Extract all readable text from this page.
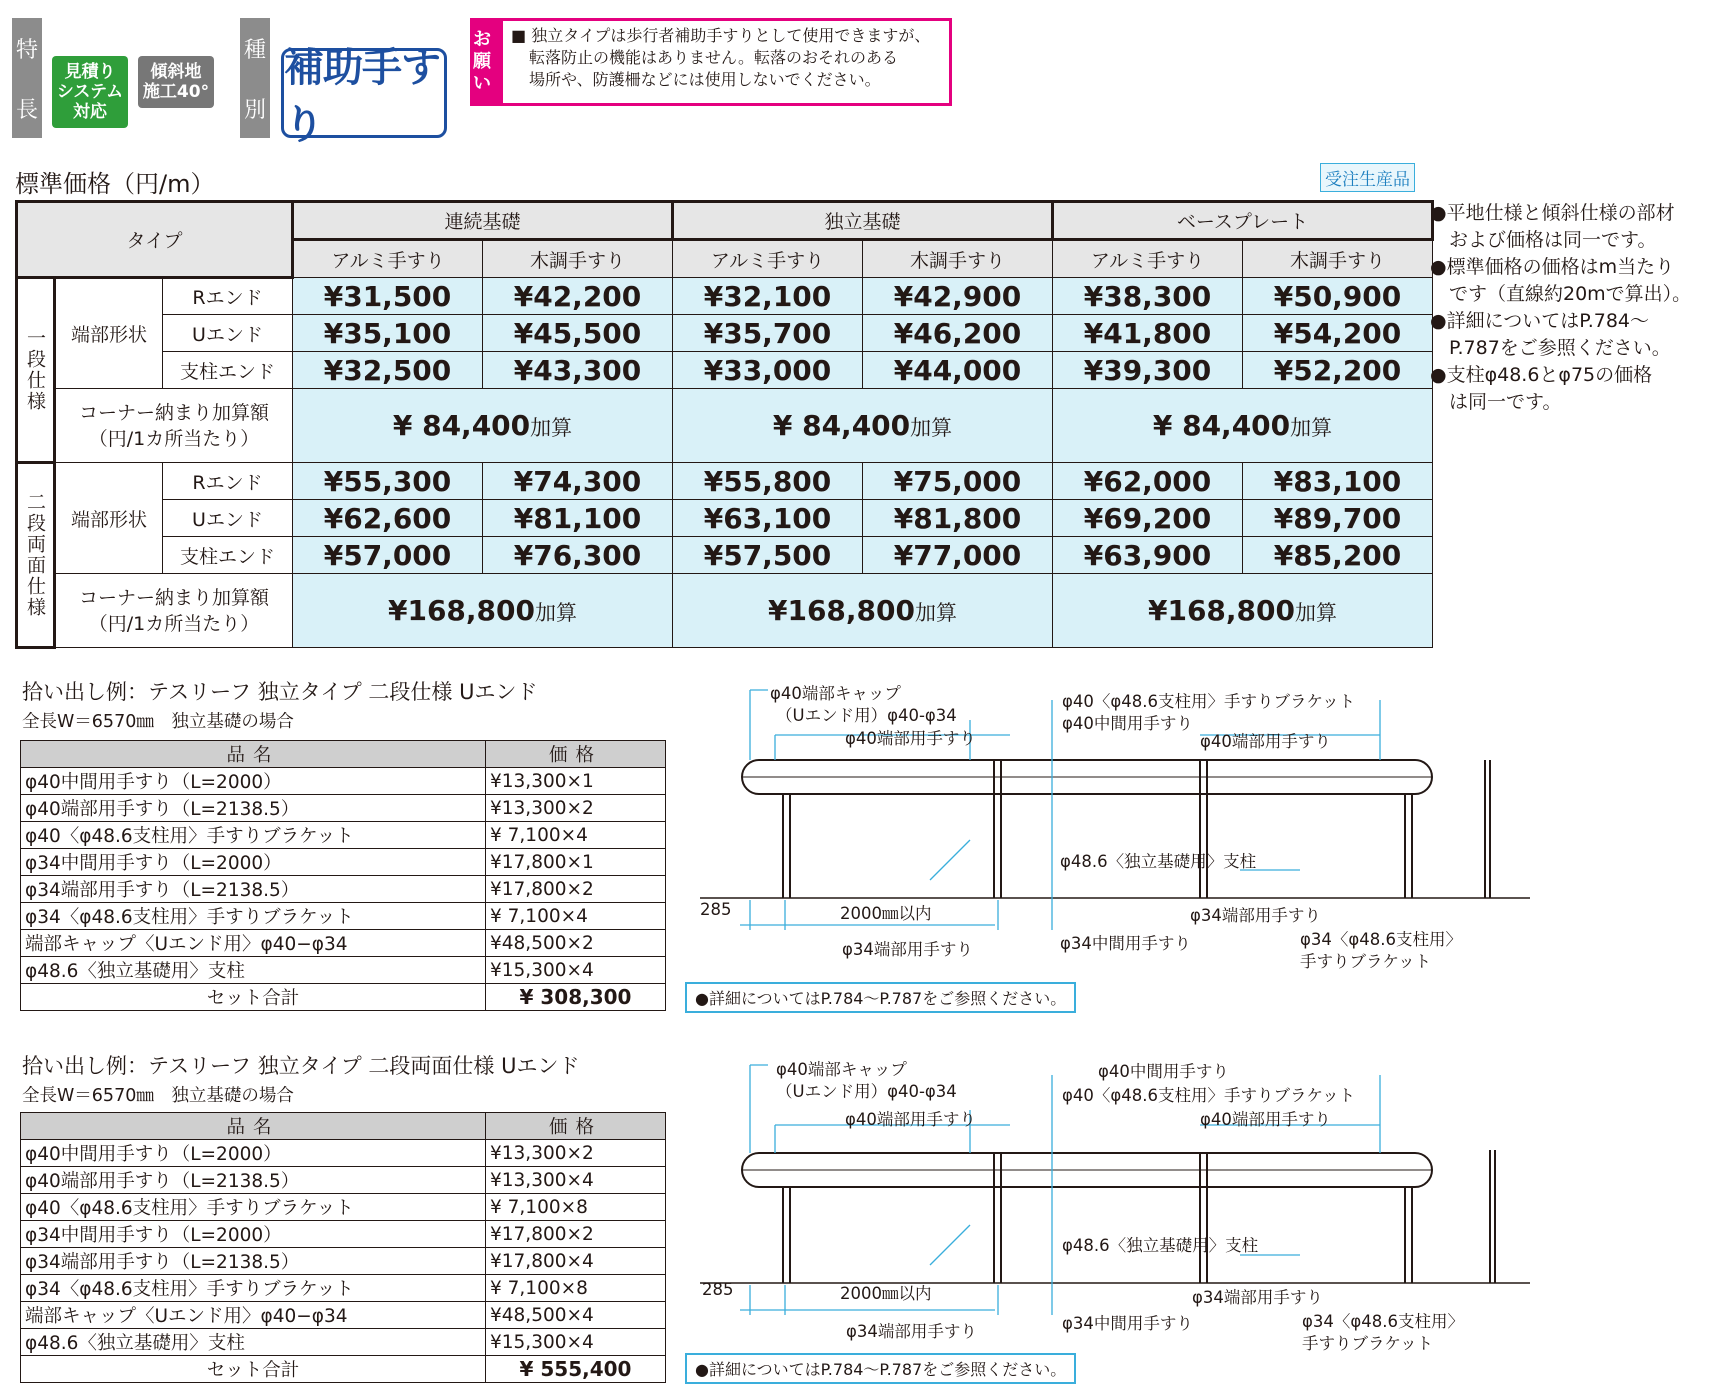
特
長
見積り システム 対応
傾斜地 施工40°
種
別
補助手すり
お願い
■ 独立タイプは歩行者補助手すりとして使用できますが、
転落防止の機能はありません。転落のおそれのある
場所や、防護柵などには使用しないでください。
標準価格（円/m）	受注生産品
タイプ			連続基礎		独立基礎		ベースプレート	
			アルミ手すり	木調手すり	アルミ手すり	木調手すり	アルミ手すり	木調手すり
一段仕様	端部形状	Rエンド	¥31,500	¥42,200	¥32,100	¥42,900	¥38,300	¥50,900
		Uエンド	¥35,100	¥45,500	¥35,700	¥46,200	¥41,800	¥54,200
		支柱エンド	¥32,500	¥43,300	¥33,000	¥44,000	¥39,300	¥52,200

	コーナー納まり加算額
（円/1カ所当たり）		¥ 84,400加算		¥ 84,400加算		¥ 84,400加算	
二段両面仕様	端部形状	Rエンド	¥55,300	¥74,300	¥55,800	¥75,000	¥62,000	¥83,100
		Uエンド	¥62,600	¥81,100	¥63,100	¥81,800	¥69,200	¥89,700
		支柱エンド	¥57,000	¥76,300	¥57,500	¥77,000	¥63,900	¥85,200

	コーナー納まり加算額
（円/1カ所当たり）		¥168,800加算		¥168,800加算		¥168,800加算	
●平地仕様と傾斜仕様の部材
　および価格は同一です。
●標準価格の価格はm当たり
　です（直線約20mで算出）。
●詳細についてはP.784～
　P.787をご参照ください。
●支柱φ48.6とφ75の価格
　は同一です。
拾い出し例：テスリーフ 独立タイプ 二段仕様 Uエンド
全長W＝6570㎜　独立基礎の場合
品名	価格
φ40中間用手すり（L=2000）	¥13,300×1
φ40端部用手すり（L=2138.5）	¥13,300×2
φ40〈φ48.6支柱用〉手すりブラケット	¥ 7,100×4
φ34中間用手すり（L=2000）	¥17,800×1
φ34端部用手すり（L=2138.5）	¥17,800×2
φ34〈φ48.6支柱用〉手すりブラケット	¥ 7,100×4
端部キャップ〈Uエンド用〉φ40−φ34	¥48,500×2
φ48.6〈独立基礎用〉支柱	¥15,300×4
セット合計	¥ 308,300
φ40端部キャップ
（Uエンド用）φ40-φ34
φ40端部用手すり
φ40〈φ48.6支柱用〉手すりブラケット
φ40中間用手すり
φ40端部用手すり
φ48.6〈独立基礎用〉支柱
285	2000㎜以内	φ34端部用手すり
φ34端部用手すり	φ34中間用手すり	φ34〈φ48.6支柱用〉
手すりブラケット
●詳細についてはP.784～P.787をご参照ください。
拾い出し例：テスリーフ 独立タイプ 二段両面仕様 Uエンド
全長W＝6570㎜　独立基礎の場合
品名	価格
φ40中間用手すり（L=2000）	¥13,300×2
φ40端部用手すり（L=2138.5）	¥13,300×4
φ40〈φ48.6支柱用〉手すりブラケット	¥ 7,100×8
φ34中間用手すり（L=2000）	¥17,800×2
φ34端部用手すり（L=2138.5）	¥17,800×4
φ34〈φ48.6支柱用〉手すりブラケット	¥ 7,100×8
端部キャップ〈Uエンド用〉φ40−φ34	¥48,500×4
φ48.6〈独立基礎用〉支柱	¥15,300×4
セット合計	¥ 555,400
φ40端部キャップ
（Uエンド用）φ40-φ34
φ40端部用手すり
φ40中間用手すり
φ40〈φ48.6支柱用〉手すりブラケット
φ40端部用手すり
φ48.6〈独立基礎用〉支柱
285	2000㎜以内	φ34端部用手すり
φ34端部用手すり	φ34中間用手すり	φ34〈φ48.6支柱用〉
手すりブラケット
●詳細についてはP.784～P.787をご参照ください。
